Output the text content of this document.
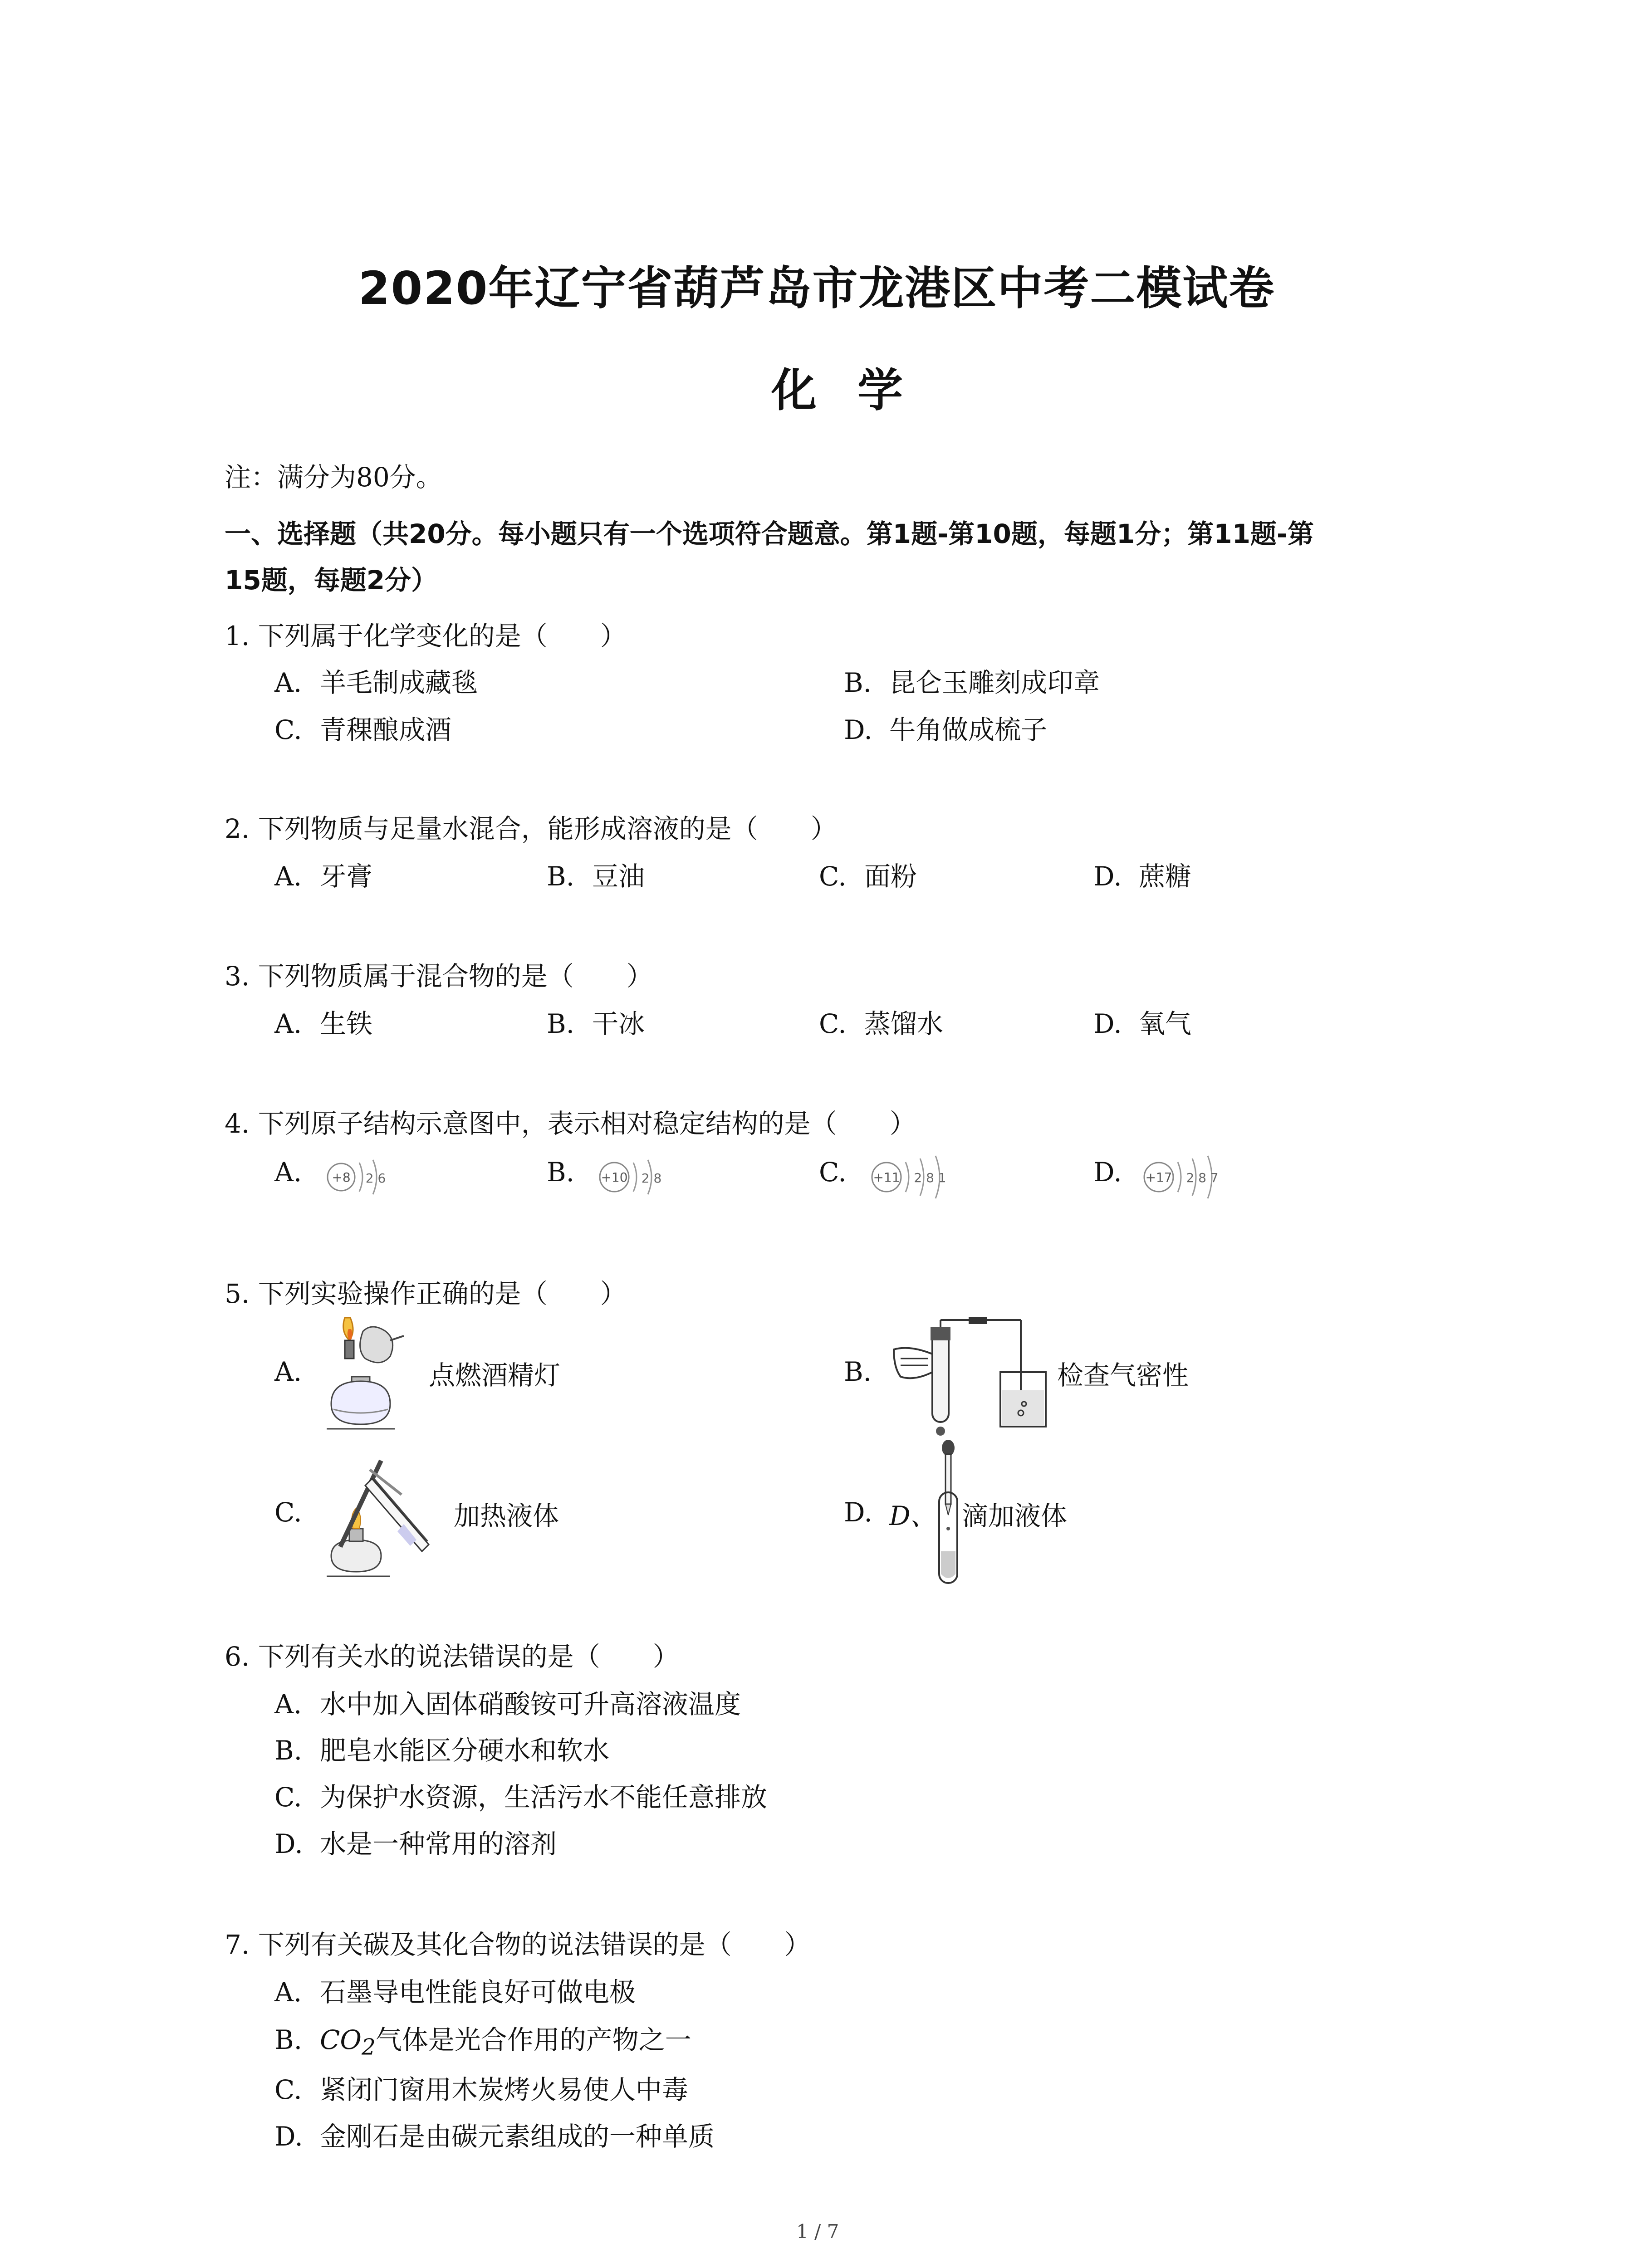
2020年辽宁省葫芦岛市龙港区中考二模试卷
化学
注：满分为80分。
一、选择题（共20分。每小题只有一个选项符合题意。第1题-第10题，每题1分；第11题-第
15题，每题2分）
1. 下列属于化学变化的是（　　）
A. 羊毛制成藏毯	B. 昆仑玉雕刻成印章
C. 青稞酿成酒	D. 牛角做成梳子
2. 下列物质与足量水混合，能形成溶液的是（　　）
A. 牙膏	B. 豆油	C. 面粉	D. 蔗糖
3. 下列物质属于混合物的是（　　）
A. 生铁	B. 干冰	C. 蒸馏水	D. 氧气
4. 下列原子结构示意图中，表示相对稳定结构的是（　　）
A. +8 2 6	B. +10 2 8	C. +11 2 8 1	D. +17 2 8 7
5. 下列实验操作正确的是（　　）
A.	点燃酒精灯	B.	检查气密性
C.	加热液体	D. D、 滴加液体
6. 下列有关水的说法错误的是（　　）
A. 水中加入固体硝酸铵可升高溶液温度
B. 肥皂水能区分硬水和软水
C. 为保护水资源，生活污水不能任意排放
D. 水是一种常用的溶剂
7. 下列有关碳及其化合物的说法错误的是（　　）
A. 石墨导电性能良好可做电极
B. $CO_2$气体是光合作用的产物之一
C. 紧闭门窗用木炭烤火易使人中毒
D. 金刚石是由碳元素组成的一种单质
1 / 7
